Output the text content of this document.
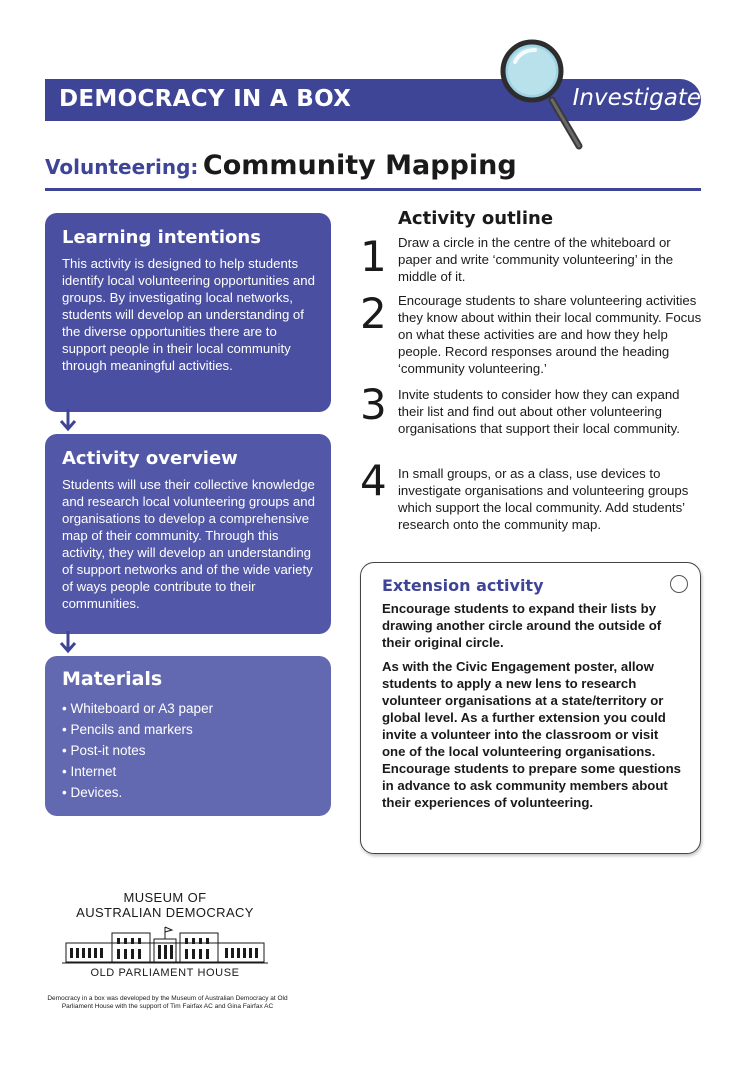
DEMOCRACY IN A BOX	Investigate
Volunteering: Community Mapping
Learning intentions

This activity is designed to help students identify local volunteering opportunities and groups. By investigating local networks, students will develop an understanding of the diverse opportunities there are to support people in their local community through meaningful activities.

Activity overview

Students will use their collective knowledge and research local volunteering groups and organisations to develop a comprehensive map of their community. Through this activity, they will develop an understanding of support networks and of the wide variety of ways people contribute to their communities.

Materials
• Whiteboard or A3 paper
• Pencils and markers
• Post-it notes
• Internet
• Devices.
Activity outline
1 Draw a circle in the centre of the whiteboard or paper and write ‘community volunteering’ in the middle of it.
2 Encourage students to share volunteering activities they know about within their local community. Focus on what these activities are and how they help people. Record responses around the heading ‘community volunteering.’
3 Invite students to consider how they can expand their list and find out about other volunteering organisations that support their local community.
4 In small groups, or as a class, use devices to investigate organisations and volunteering groups which support the local community. Add students’ research onto the community map.
Extension activity

Encourage students to expand their lists by drawing another circle around the outside of their original circle.

As with the Civic Engagement poster, allow students to apply a new lens to research volunteer organisations at a state/territory or global level. As a further extension you could invite a volunteer into the classroom or visit one of the local volunteering organisations. Encourage students to prepare some questions in advance to ask community members about their experiences of volunteering.

MUSEUM OF
AUSTRALIAN DEMOCRACY
OLD PARLIAMENT HOUSE
Democracy in a box was developed by the Museum of Australian Democracy at Old Parliament House with the support of Tim Fairfax AC and Gina Fairfax AC
